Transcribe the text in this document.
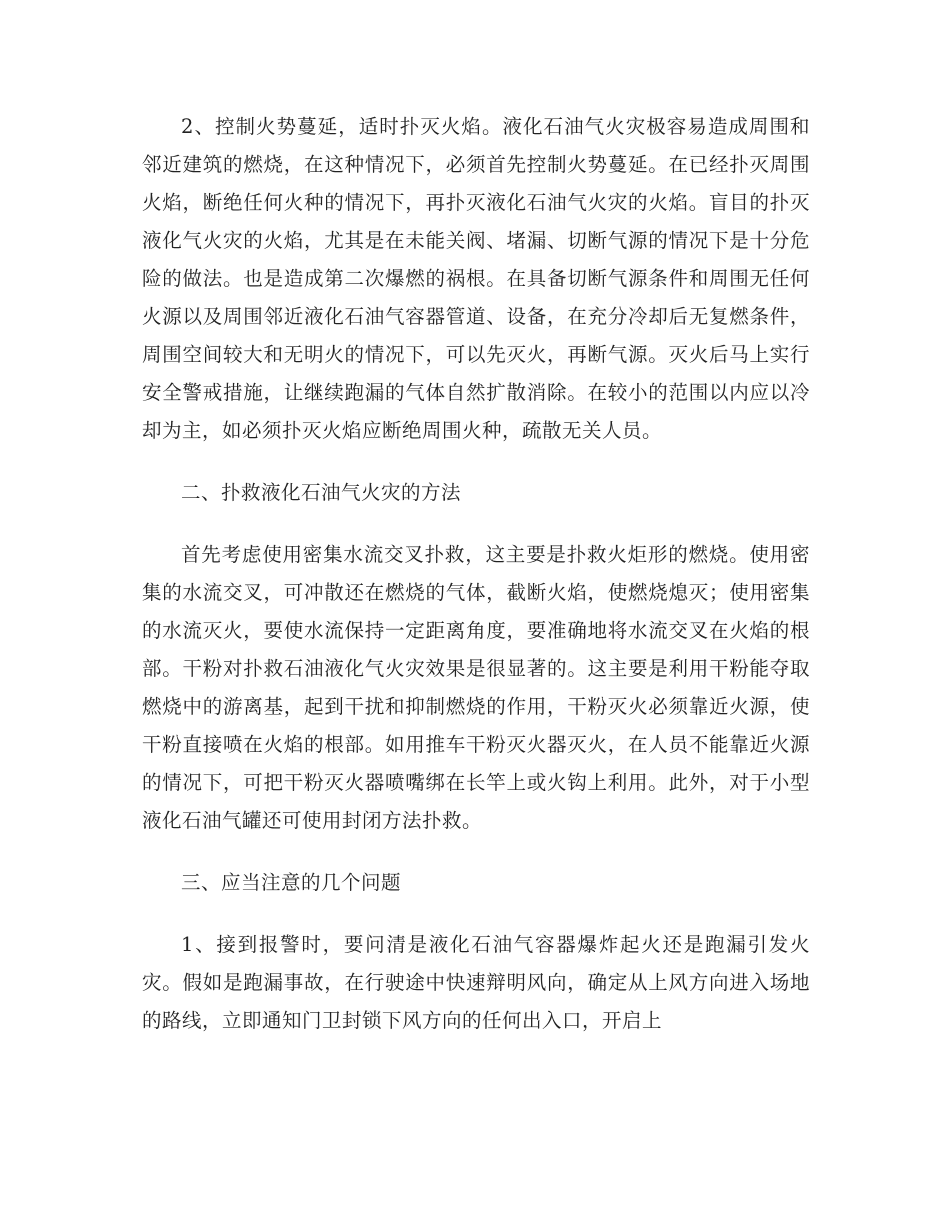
2、控制火势蔓延，适时扑灭火焰。液化石油气火灾极容易造成周围和邻近建筑的燃烧，在这种情况下，必须首先控制火势蔓延。在已经扑灭周围火焰，断绝任何火种的情况下，再扑灭液化石油气火灾的火焰。盲目的扑灭液化气火灾的火焰，尤其是在未能关阀、堵漏、切断气源的情况下是十分危险的做法。也是造成第二次爆燃的祸根。在具备切断气源条件和周围无任何火源以及周围邻近液化石油气容器管道、设备，在充分冷却后无复燃条件，周围空间较大和无明火的情况下，可以先灭火，再断气源。灭火后马上实行安全警戒措施，让继续跑漏的气体自然扩散消除。在较小的范围以内应以冷却为主，如必须扑灭火焰应断绝周围火种，疏散无关人员。

二、扑救液化石油气火灾的方法

首先考虑使用密集水流交叉扑救，这主要是扑救火炬形的燃烧。使用密集的水流交叉，可冲散还在燃烧的气体，截断火焰，使燃烧熄灭；使用密集的水流灭火，要使水流保持一定距离角度，要准确地将水流交叉在火焰的根部。干粉对扑救石油液化气火灾效果是很显著的。这主要是利用干粉能夺取燃烧中的游离基，起到干扰和抑制燃烧的作用，干粉灭火必须靠近火源，使干粉直接喷在火焰的根部。如用推车干粉灭火器灭火，在人员不能靠近火源的情况下，可把干粉灭火器喷嘴绑在长竿上或火钩上利用。此外，对于小型液化石油气罐还可使用封闭方法扑救。

三、应当注意的几个问题

1、接到报警时，要问清是液化石油气容器爆炸起火还是跑漏引发火灾。假如是跑漏事故，在行驶途中快速辩明风向，确定从上风方向进入场地的路线，立即通知门卫封锁下风方向的任何出入口，开启上
